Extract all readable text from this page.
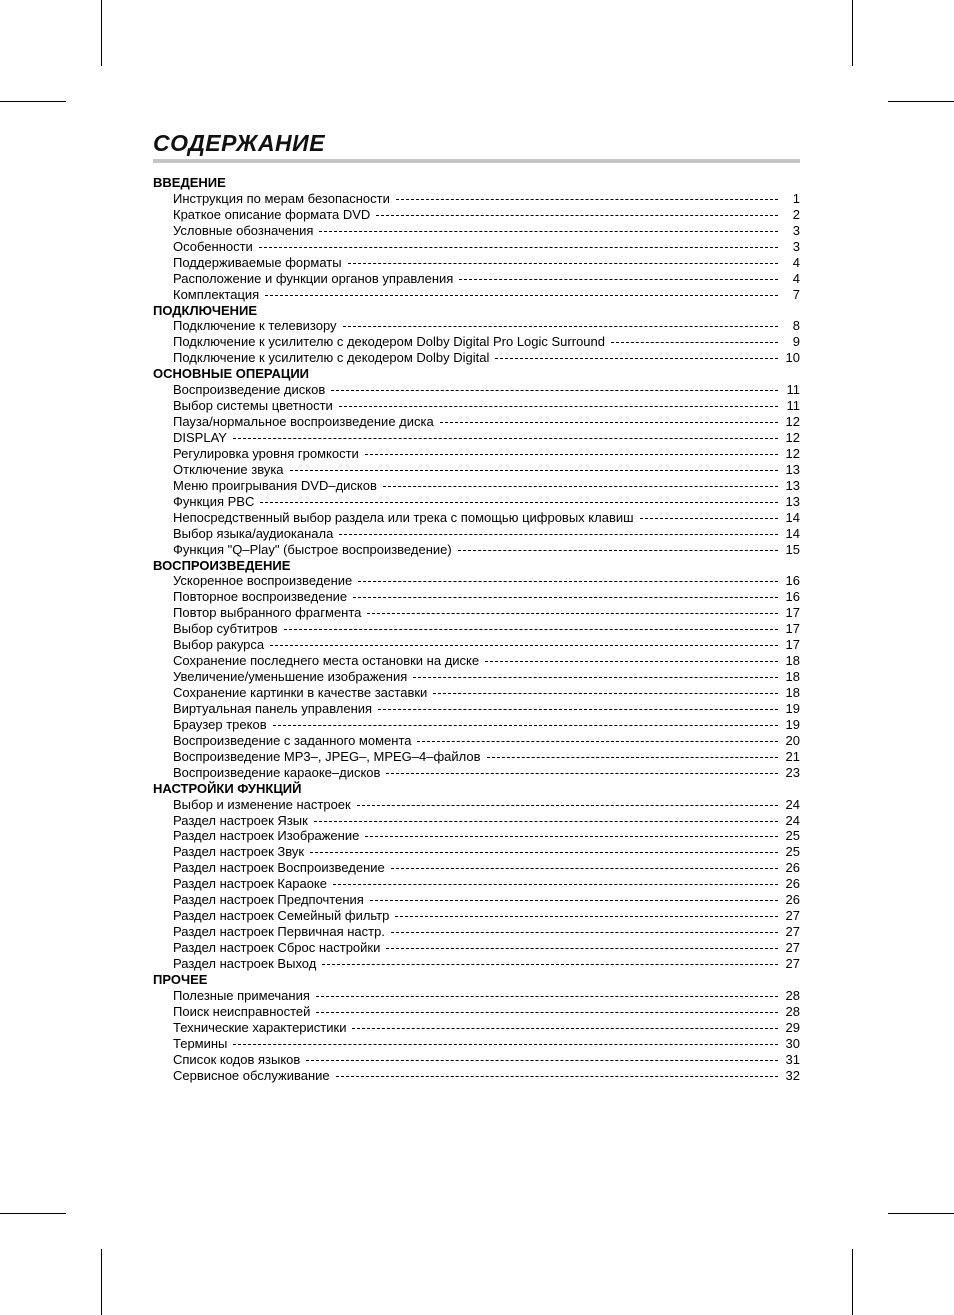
СОДЕРЖАНИЕ
ВВЕДЕНИЕ
Инструкция по мерам безопасности	1
Краткое описание формата DVD	2
Условные обозначения	3
Особенности	3
Поддерживаемые форматы	4
Расположение и функции органов управления	4
Комплектация	7
ПОДКЛЮЧЕНИЕ
Подключение к телевизору	8
Подключение к усилителю с декодером Dolby Digital Pro Logic Surround	9
Подключение к усилителю с декодером Dolby Digital	10
ОСНОВНЫЕ ОПЕРАЦИИ
Воспроизведение дисков	11
Выбор системы цветности	11
Пауза/нормальное воспроизведение диска	12
DISPLAY	12
Регулировка уровня громкости	12
Отключение звука	13
Меню проигрывания DVD–дисков	13
Функция PBC	13
Непосредственный выбор раздела или трека с помощью цифровых клавиш	14
Выбор языка/аудиоканала	14
Функция "Q–Play" (быстрое воспроизведение)	15
ВОСПРОИЗВЕДЕНИЕ
Ускоренное воспроизведение	16
Повторное воспроизведение	16
Повтор выбранного фрагмента	17
Выбор субтитров	17
Выбор ракурса	17
Сохранение последнего места остановки на диске	18
Увеличение/уменьшение изображения	18
Сохранение картинки в качестве заставки	18
Виртуальная панель управления	19
Браузер треков	19
Воспроизведение с заданного момента	20
Воспроизведение MP3–, JPEG–, MPEG–4–файлов	21
Воспроизведение караоке–дисков	23
НАСТРОЙКИ ФУНКЦИЙ
Выбор и изменение настроек	24
Раздел настроек Язык	24
Раздел настроек Изображение	25
Раздел настроек Звук	25
Раздел настроек Воспроизведение	26
Раздел настроек Караоке	26
Раздел настроек Предпочтения	26
Раздел настроек Семейный фильтр	27
Раздел настроек Первичная настр.	27
Раздел настроек Сброс настройки	27
Раздел настроек Выход	27
ПРОЧЕЕ
Полезные примечания	28
Поиск неисправностей	28
Технические характеристики	29
Термины	30
Список кодов языков	31
Сервисное обслуживание	32
